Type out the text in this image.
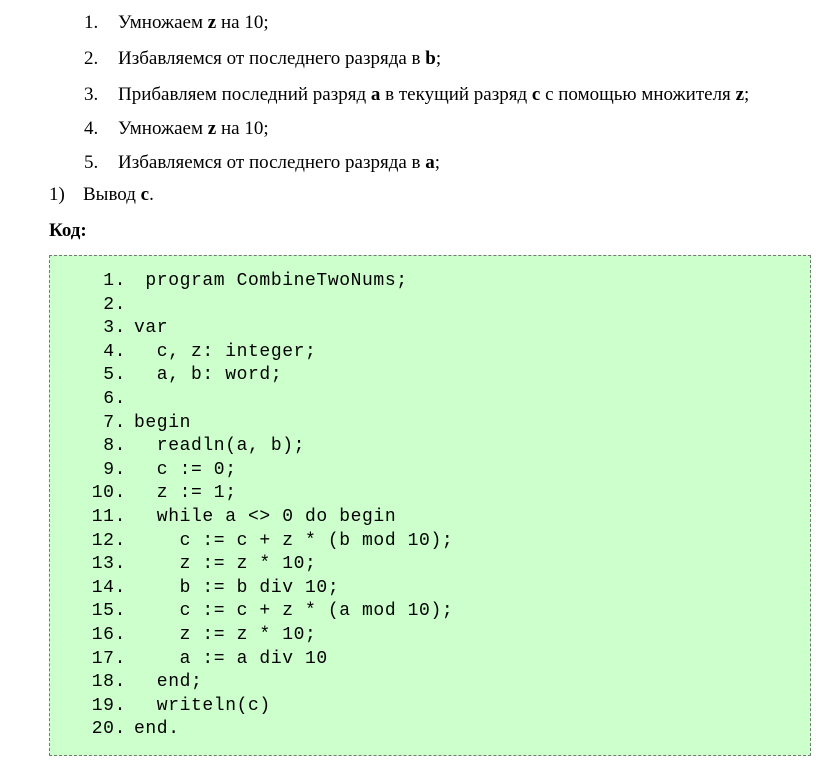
1. Умножаем z на 10;
2. Избавляемся от последнего разряда в b;
3. Прибавляем последний разряд a в текущий разряд c с помощью множителя z;
4. Умножаем z на 10;
5. Избавляемся от последнего разряда в a;
1) Вывод c.
Код:
1. program CombineTwoNums;
2.
3. var
4. c, z: integer;
5. a, b: word;
6.
7. begin
8. readln(a, b);
9. c := 0;
10. z := 1;
11. while a <> 0 do begin
12. c := c + z * (b mod 10);
13. z := z * 10;
14. b := b div 10;
15. c := c + z * (a mod 10);
16. z := z * 10;
17. a := a div 10
18. end;
19. writeln(c)
20. end.
